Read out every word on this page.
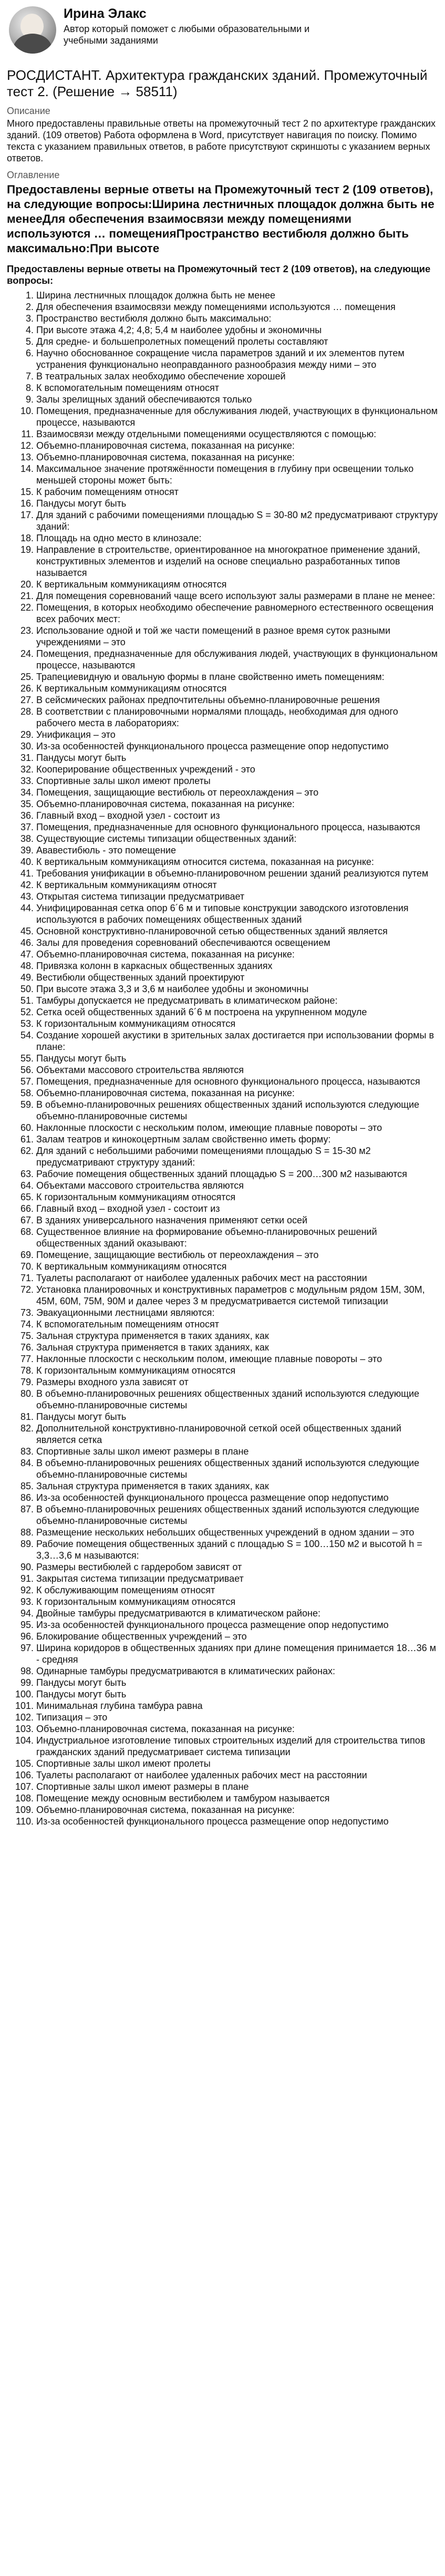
Ирина Элакс
Автор который поможет с любыми образовательными и учебными заданиями
РОСДИСТАНТ. Архитектура гражданских зданий. Промежуточный тест 2. (Решение → 58511)
Описание
Много предоставлены правильные ответы на промежуточный тест 2 по архитектуре гражданских зданий. (109 ответов) Работа оформлена в Word, присутствует навигация по поиску. Помимо текста с указанием правильных ответов, в работе присутствуют скриншоты с указанием верных ответов.
Оглавление
Предоставлены верные ответы на Промежуточный тест 2 (109 ответов), на следующие вопросы:Ширина лестничных площадок должна быть не менееДля обеспечения взаимосвязи между помещениями используются … помещенияПространство вестибюля должно быть максимально:При высоте
Предоставлены верные ответы на Промежуточный тест 2 (109 ответов), на следующие вопросы:
1. Ширина лестничных площадок должна быть не менее
2. Для обеспечения взаимосвязи между помещениями используются … помещения
3. Пространство вестибюля должно быть максимально:
4. При высоте этажа 4,2; 4,8; 5,4 м наиболее удобны и экономичны
5. Для средне- и большепролетных помещений пролеты составляют
6. Научно обоснованное сокращение числа параметров зданий и их элементов путем устранения функционально неоправданного разнообразия между ними – это
7. В театральных залах необходимо обеспечение хорошей
8. К вспомогательным помещениям относят
9. Залы зрелищных зданий обеспечиваются только
10. Помещения, предназначенные для обслуживания людей, участвующих в функциональном процессе, называются
11. Взаимосвязи между отдельными помещениями осуществляются с помощью:
12. Объемно-планировочная система, показанная на рисунке:
13. Объемно-планировочная система, показанная на рисунке:
14. Максимальное значение протяжённости помещения в глубину при освещении только меньшей стороны может быть:
15. К рабочим помещениям относят
16. Пандусы могут быть
17. Для зданий с рабочими помещениями площадью S = 30-80 м2 предусматривают структуру зданий:
18. Площадь на одно место в клинозале:
19. Направление в строительстве, ориентированное на многократное применение зданий, конструктивных элементов и изделий на основе специально разработанных типов называется
20. К вертикальным коммуникациям относятся
21. Для помещения соревнований чаще всего используют залы размерами в плане не менее:
22. Помещения, в которых необходимо обеспечение равномерного естественного освещения всех рабочих мест:
23. Использование одной и той же части помещений в разное время суток разными учреждениями – это
24. Помещения, предназначенные для обслуживания людей, участвующих в функциональном процессе, называются
25. Трапециевидную и овальную формы в плане свойственно иметь помещениям:
26. К вертикальным коммуникациям относятся
27. В сейсмических районах предпочтительны объемно-планировочные решения
28. В соответствии с планировочными нормалями площадь, необходимая для одного рабочего места в лабораториях:
29. Унификация – это
30. Из-за особенностей функционального процесса размещение опор недопустимо
31. Пандусы могут быть
32. Кооперирование общественных учреждений - это
33. Спортивные залы школ имеют пролеты
34. Помещения, защищающие вестибюль от переохлаждения – это
35. Объемно-планировочная система, показанная на рисунке:
36. Главный вход – входной узел - состоит из
37. Помещения, предназначенные для основного функционального процесса, называются
38. Существующие системы типизации общественных зданий:
39. Ававестибюль - это помещение
40. К вертикальным коммуникациям относится система, показанная на рисунке:
41. Требования унификации в объемно-планировочном решении зданий реализуются путем
42. К вертикальным коммуникациям относят
43. Открытая система типизации предусматривает
44. Унифицированная сетка опор 6´6 м и типовые конструкции заводского изготовления используются в рабочих помещениях общественных зданий
45. Основной конструктивно-планировочной сетью общественных зданий является
46. Залы для проведения соревнований обеспечиваются освещением
47. Объемно-планировочная система, показанная на рисунке:
48. Привязка колонн в каркасных общественных зданиях
49. Вестибюли общественных зданий проектируют
50. При высоте этажа 3,3 и 3,6 м наиболее удобны и экономичны
51. Тамбуры допускается не предусматривать в климатическом районе:
52. Сетка осей общественных зданий 6´6 м построена на укрупненном модуле
53. К горизонтальным коммуникациям относятся
54. Создание хорошей акустики в зрительных залах достигается при использовании формы в плане:
55. Пандусы могут быть
56. Объектами массового строительства являются
57. Помещения, предназначенные для основного функционального процесса, называются
58. Объемно-планировочная система, показанная на рисунке:
59. В объемно-планировочных решениях общественных зданий используются следующие объемно-планировочные системы
60. Наклонные плоскости с нескольким полом, имеющие плавные повороты – это
61. Залам театров и кинокоцертным залам свойственно иметь форму:
62. Для зданий с небольшими рабочими помещениями площадью S = 15-30 м2 предусматривают структуру зданий:
63. Рабочие помещения общественных зданий площадью S = 200…300 м2 называются
64. Объектами массового строительства являются
65. К горизонтальным коммуникациям относятся
66. Главный вход – входной узел - состоит из
67. В зданиях универсального назначения применяют сетки осей
68. Существенное влияние на формирование объемно-планировочных решений общественных зданий оказывают:
69. Помещение, защищающие вестибюль от переохлаждения – это
70. К вертикальным коммуникациям относятся
71. Туалеты располагают от наиболее удаленных рабочих мест на расстоянии
72. Установка планировочных и конструктивных параметров с модульным рядом 15М, 30М, 45М, 60М, 75М, 90М и далее через 3 м предусматривается системой типизации
73. Эвакуационными лестницами являются:
74. К вспомогательным помещениям относят
75. Зальная структура применяется в таких зданиях, как
76. Зальная структура применяется в таких зданиях, как
77. Наклонные плоскости с нескольким полом, имеющие плавные повороты – это
78. К горизонтальным коммуникациям относятся
79. Размеры входного узла зависят от
80. В объемно-планировочных решениях общественных зданий используются следующие объемно-планировочные системы
81. Пандусы могут быть
82. Дополнительной конструктивно-планировочной сеткой осей общественных зданий является сетка
83. Спортивные залы школ имеют размеры в плане
84. В объемно-планировочных решениях общественных зданий используются следующие объемно-планировочные системы
85. Зальная структура применяется в таких зданиях, как
86. Из-за особенностей функционального процесса размещение опор недопустимо
87. В объемно-планировочных решениях общественных зданий используются следующие объемно-планировочные системы
88. Размещение нескольких небольших общественных учреждений в одном здании – это
89. Рабочие помещения общественных зданий с площадью S = 100…150 м2 и высотой h = 3,3…3,6 м называются:
90. Размеры вестибюлей с гардеробом зависят от
91. Закрытая система типизации предусматривает
92. К обслуживающим помещениям относят
93. К горизонтальным коммуникациям относятся
94. Двойные тамбуры предусматриваются в климатическом районе:
95. Из-за особенностей функционального процесса размещение опор недопустимо
96. Блокирование общественных учреждений – это
97. Ширина коридоров в общественных зданиях при длине помещения принимается 18…36 м - средняя
98. Одинарные тамбуры предусматриваются в климатических районах:
99. Пандусы могут быть
100. Пандусы могут быть
101. Минимальная глубина тамбура равна
102. Типизация – это
103. Объемно-планировочная система, показанная на рисунке:
104. Индустриальное изготовление типовых строительных изделий для строительства типов гражданских зданий предусматривает система типизации
105. Спортивные залы школ имеют пролеты
106. Туалеты располагают от наиболее удаленных рабочих мест на расстоянии
107. Спортивные залы школ имеют размеры в плане
108. Помещение между основным вестибюлем и тамбуром называется
109. Объемно-планировочная система, показанная на рисунке:
110. Из-за особенностей функционального процесса размещение опор недопустимо
